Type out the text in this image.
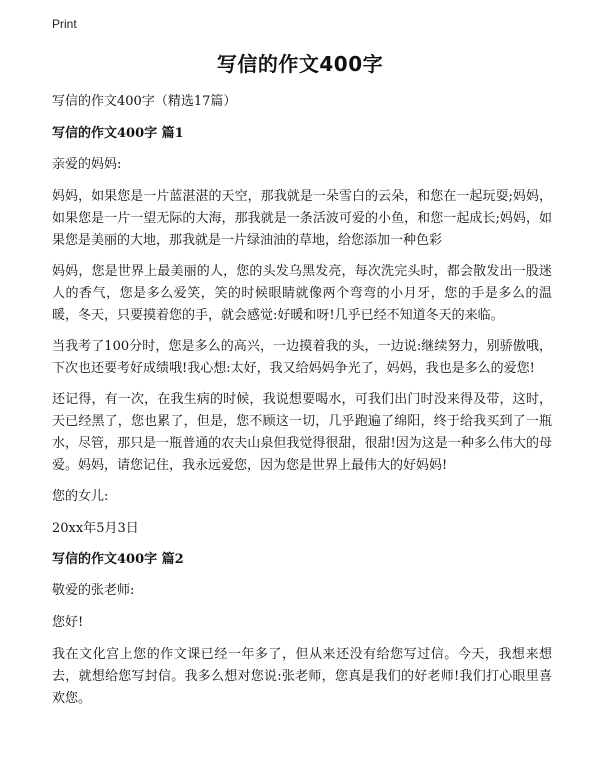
Print
写信的作文400字

写信的作文400字（精选17篇）

写信的作文400字 篇1

亲爱的妈妈:

妈妈，如果您是一片蓝湛湛的天空，那我就是一朵雪白的云朵，和您在一起玩耍;妈妈，如果您是一片一望无际的大海，那我就是一条活波可爱的小鱼，和您一起成长;妈妈，如果您是美丽的大地，那我就是一片绿油油的草地，给您添加一种色彩

妈妈，您是世界上最美丽的人，您的头发乌黑发亮，每次洗完头时，都会散发出一股迷人的香气，您是多么爱笑，笑的时候眼睛就像两个弯弯的小月牙，您的手是多么的温暖，冬天，只要摸着您的手，就会感觉:好暖和呀!几乎已经不知道冬天的来临。

当我考了100分时，您是多么的高兴，一边摸着我的头，一边说:继续努力，别骄傲哦，下次也还要考好成绩哦!我心想:太好，我又给妈妈争光了，妈妈，我也是多么的爱您!

还记得，有一次，在我生病的时候，我说想要喝水，可我们出门时没来得及带，这时，天已经黑了，您也累了，但是，您不顾这一切，几乎跑遍了绵阳，终于给我买到了一瓶水，尽管，那只是一瓶普通的农夫山泉但我觉得很甜，很甜!因为这是一种多么伟大的母爱。妈妈，请您记住，我永远爱您，因为您是世界上最伟大的好妈妈!

您的女儿:

20xx年5月3日

写信的作文400字 篇2

敬爱的张老师:

您好!

我在文化宫上您的作文课已经一年多了，但从来还没有给您写过信。今天，我想来想去，就想给您写封信。我多么想对您说:张老师，您真是我们的好老师!我们打心眼里喜欢您。
